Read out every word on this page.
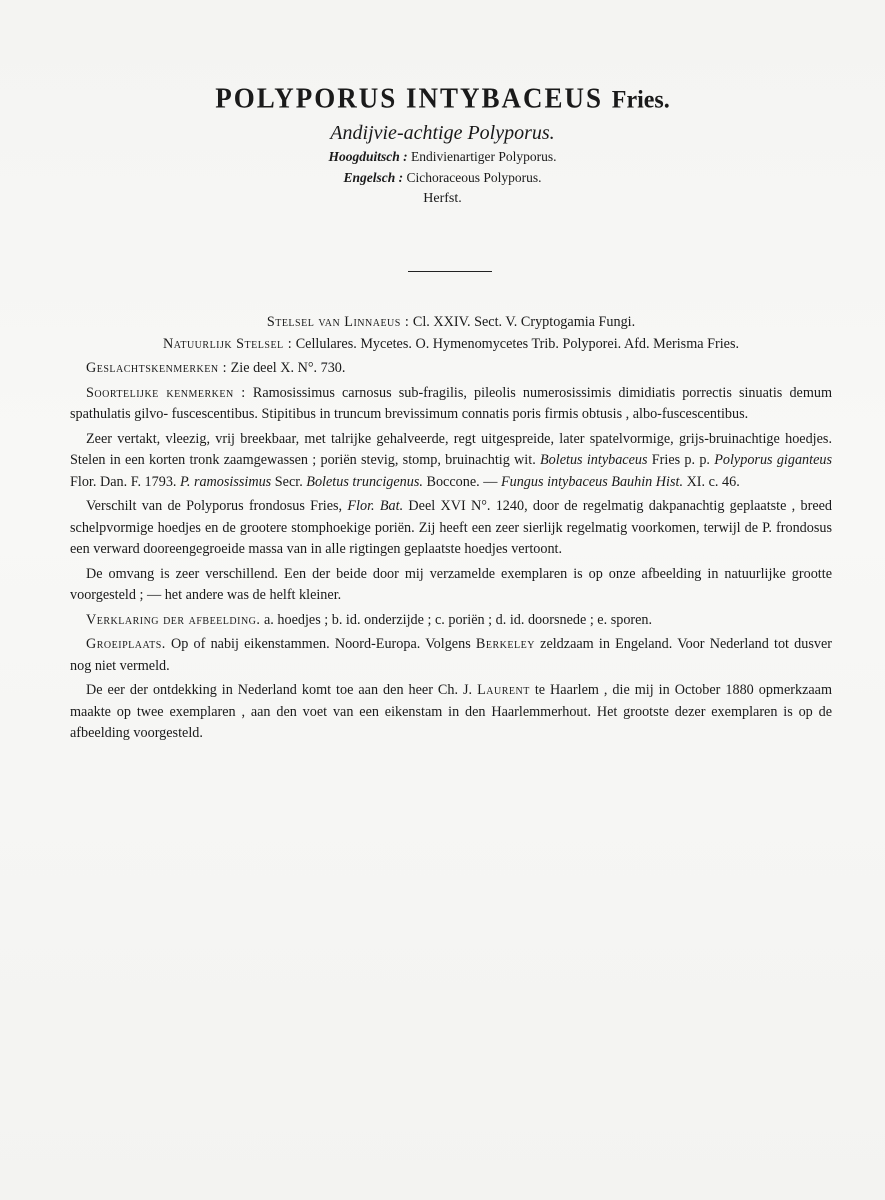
POLYPORUS INTYBACEUS Fries.

Andijvie-achtige Polyporus.

Hoogduitsch : Endivienartiger Polyporus.

Engelsch : Cichoraceous Polyporus.

Herfst.

Stelsel van Linnaeus : Cl. XXIV. Sect. V. Cryptogamia Fungi.

Natuurlijk Stelsel : Cellulares. Mycetes. O. Hymenomycetes Trib. Polyporei. Afd. Merisma Fries.

Geslachtskenmerken : Zie deel X. N°. 730.

Soortelijke kenmerken : Ramosissimus carnosus sub-fragilis, pileolis numerosissimis dimidiatis porrectis sinuatis demum spathulatis gilvo- fuscescentibus. Stipitibus in truncum brevissimum connatis poris firmis obtusis , albo-fuscescentibus.

Zeer vertakt, vleezig, vrij breekbaar, met talrijke gehalveerde, regt uitgespreide, later spatelvormige, grijs-bruinachtige hoedjes. Stelen in een korten tronk zaamgewassen ; poriën stevig, stomp, bruinachtig wit. Boletus intybaceus Fries p. p. Polyporus giganteus Flor. Dan. F. 1793. P. ramosissimus Secr. Boletus truncigenus. Boccone. — Fungus intybaceus Bauhin Hist. XI. c. 46.

Verschilt van de Polyporus frondosus Fries, Flor. Bat. Deel XVI N°. 1240, door de regelmatig dakpanachtig geplaatste , breed schelpvormige hoedjes en de grootere stomphoekige poriën. Zij heeft een zeer sierlijk regelmatig voorkomen, terwijl de P. frondosus een verward dooreengegroeide massa van in alle rigtingen geplaatste hoedjes vertoont.

De omvang is zeer verschillend. Een der beide door mij verzamelde exemplaren is op onze afbeelding in natuurlijke grootte voorgesteld ; — het andere was de helft kleiner.

Verklaring der afbeelding. a. hoedjes ; b. id. onderzijde ; c. poriën ; d. id. doorsnede ; e. sporen.

Groeiplaats. Op of nabij eikenstammen. Noord-Europa. Volgens Berkeley zeldzaam in Engeland. Voor Nederland tot dusver nog niet vermeld.

De eer der ontdekking in Nederland komt toe aan den heer Ch. J. Laurent te Haarlem , die mij in October 1880 opmerkzaam maakte op twee exemplaren , aan den voet van een eikenstam in den Haarlemmerhout. Het grootste dezer exemplaren is op de afbeelding voorgesteld.
